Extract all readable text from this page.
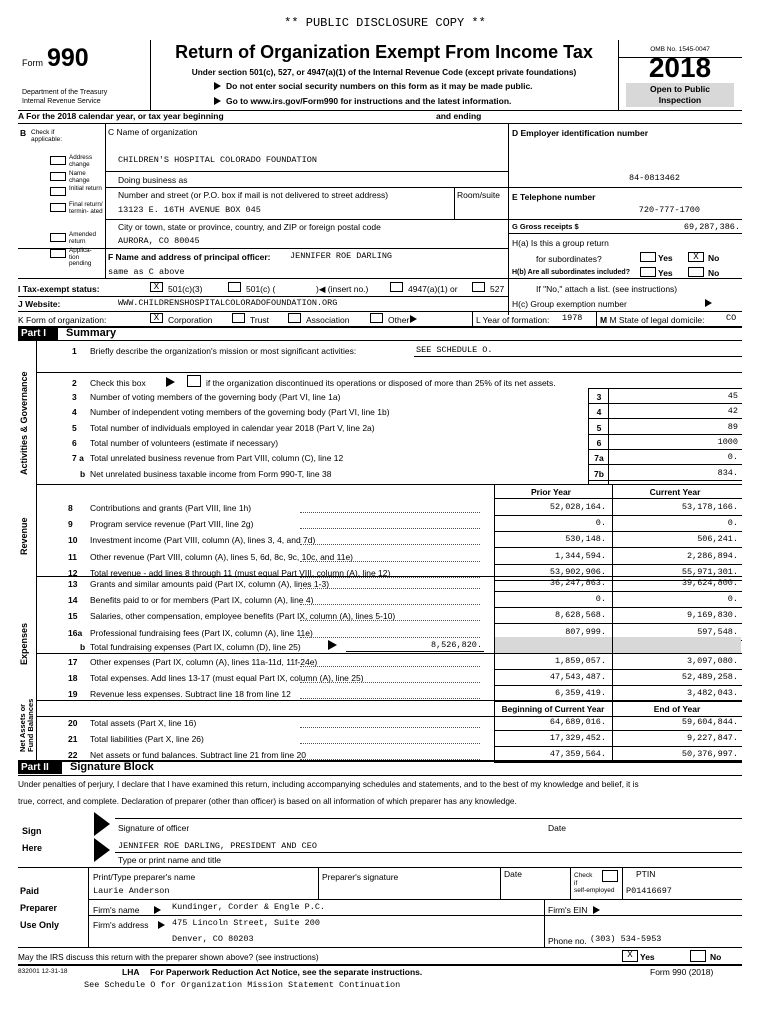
** PUBLIC DISCLOSURE COPY **
Form 990
Department of the Treasury
Internal Revenue Service
Return of Organization Exempt From Income Tax
Under section 501(c), 527, or 4947(a)(1) of the Internal Revenue Code (except private foundations)
Do not enter social security numbers on this form as it may be made public.
Go to www.irs.gov/Form990 for instructions and the latest information.
OMB No. 1545-0047
2018
Open to Public
Inspection
A For the 2018 calendar year, or tax year beginning	and ending
B Check if
applicable:
Address change
Name change
Initial return
Final return/ termin- ated
Amended return
Applica- tion pending
C Name of organization
CHILDREN'S HOSPITAL COLORADO FOUNDATION
Doing business as
Number and street (or P.O. box if mail is not delivered to street address)	Room/suite
13123 E. 16TH AVENUE BOX 045
City or town, state or province, country, and ZIP or foreign postal code
AURORA, CO 80045
F Name and address of principal officer: JENNIFER ROE DARLING
same as C above
D Employer identification number
84-0813462
E Telephone number
720-777-1700
G Gross receipts $	69,287,386.
H(a) Is this a group return
for subordinates?	Yes	X	No
H(b) Are all subordinates included?	Yes	No
If "No," attach a list. (see instructions)
H(c) Group exemption number
I Tax-exempt status:	X	501(c)(3)	501(c) (	)◀ (insert no.)	4947(a)(1) or	527
J Website:	WWW.CHILDRENSHOSPITALCOLORADOFOUNDATION.ORG
K Form of organization:	X	Corporation	Trust	Association	Other	L Year of formation: 1978 M M State of legal domicile:	CO
Part I	Summary
Activities & Governance
Revenue
Expenses
Net Assets or Fund Balances
1 Briefly describe the organization's mission or most significant activities:	SEE SCHEDULE O.
2 Check this box	if the organization discontinued its operations or disposed of more than 25% of its net assets.
3 Number of voting members of the governing body (Part VI, line 1a)	3	45
4 Number of independent voting members of the governing body (Part VI, line 1b)	4	42
5 Total number of individuals employed in calendar year 2018 (Part V, line 2a)	5	89
6 Total number of volunteers (estimate if necessary)	6	1000
7 a Total unrelated business revenue from Part VIII, column (C), line 12	7a	0.
b Net unrelated business taxable income from Form 990-T, line 38	7b	834.
Prior Year	Current Year
8 Contributions and grants (Part VIII, line 1h)	52,028,164.	53,178,166.
9 Program service revenue (Part VIII, line 2g)	0.	0.
10 Investment income (Part VIII, column (A), lines 3, 4, and 7d)	530,148.	506,241.
11 Other revenue (Part VIII, column (A), lines 5, 6d, 8c, 9c, 10c, and 11e)	1,344,594.	2,286,894.
12 Total revenue - add lines 8 through 11 (must equal Part VIII, column (A), line 12)	53,902,906.	55,971,301.
13 Grants and similar amounts paid (Part IX, column (A), lines 1-3)	36,247,863.	39,624,800.
14 Benefits paid to or for members (Part IX, column (A), line 4)	0.	0.
15 Salaries, other compensation, employee benefits (Part IX, column (A), lines 5-10)	8,628,568.	9,169,830.
16a Professional fundraising fees (Part IX, column (A), line 11e)	807,999.	597,548.
b Total fundraising expenses (Part IX, column (D), line 25)	8,526,820.
17 Other expenses (Part IX, column (A), lines 11a-11d, 11f-24e)	1,859,057.	3,097,080.
18 Total expenses. Add lines 13-17 (must equal Part IX, column (A), line 25)	47,543,487.	52,489,258.
19 Revenue less expenses. Subtract line 18 from line 12	6,359,419.	3,482,043.
Beginning of Current Year	End of Year
20 Total assets (Part X, line 16)	64,689,016.	59,604,844.
21 Total liabilities (Part X, line 26)	17,329,452.	9,227,847.
22 Net assets or fund balances. Subtract line 21 from line 20	47,359,564.	50,376,997.
Part II	Signature Block
Under penalties of perjury, I declare that I have examined this return, including accompanying schedules and statements, and to the best of my knowledge and belief, it is
true, correct, and complete. Declaration of preparer (other than officer) is based on all information of which preparer has any knowledge.
Sign
Here
Signature of officer	Date
JENNIFER ROE DARLING, PRESIDENT AND CEO
Type or print name and title
Paid
Preparer
Use Only
Print/Type preparer's name	Preparer's signature	Date	Check
if
self-employed
PTIN
Laurie Anderson	P01416697
Firm's name	Kundinger, Corder & Engle P.C.	Firm's EIN
Firm's address	475 Lincoln Street, Suite 200
Denver, CO 80203	Phone no. (303) 534-5953
May the IRS discuss this return with the preparer shown above? (see instructions)	X Yes	No
832001 12-31-18	LHA For Paperwork Reduction Act Notice, see the separate instructions.	Form 990 (2018)
See Schedule O for Organization Mission Statement Continuation
